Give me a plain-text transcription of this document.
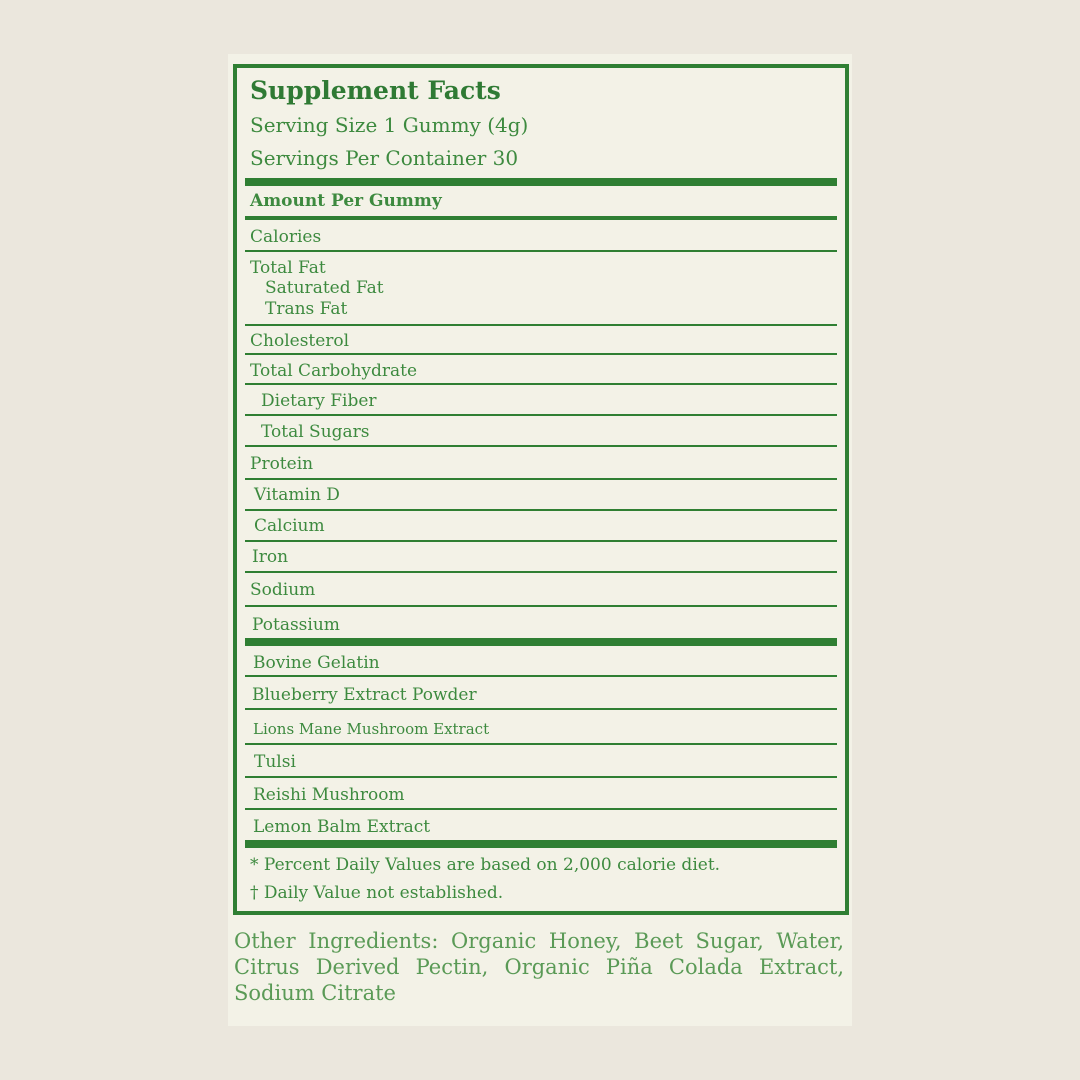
Supplement Facts
Serving Size 1 Gummy (4g)
Servings Per Container 30
Amount Per Gummy
Calories
Total Fat
Saturated Fat
Trans Fat
Cholesterol
Total Carbohydrate
Dietary Fiber
Total Sugars
Protein
Vitamin D
Calcium
Iron
Sodium
Potassium
Bovine Gelatin
Blueberry Extract Powder
Lions Mane Mushroom Extract
Tulsi
Reishi Mushroom
Lemon Balm Extract
* Percent Daily Values are based on 2,000 calorie diet.
† Daily Value not established.
Other Ingredients: Organic Honey, Beet Sugar, Water, Citrus Derived Pectin, Organic Piña Colada Extract, Sodium Citrate
